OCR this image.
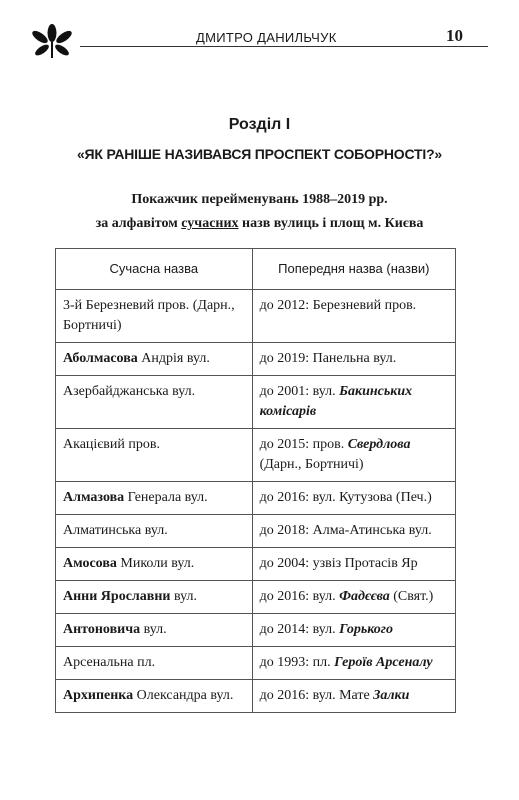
ДМИТРО ДАНИЛЬЧУК	10
Розділ І
«ЯК РАНІШЕ НАЗИВАВСЯ ПРОСПЕКТ СОБОРНОСТІ?»
Покажчик перейменувань 1988–2019 рр.
за алфавітом сучасних назв вулиць і площ м. Києва
Сучасна назва	Попередня назва (назви)
3-й Березневий пров. (Дарн., Бортничі)	до 2012: Березневий пров.
Аболмасова Андрія вул.	до 2019: Панельна вул.
Азербайджанська вул.	до 2001: вул. Бакинських комісарів
Акацієвий пров.	до 2015: пров. Свердлова (Дарн., Бортничі)
Алмазова Генерала вул.	до 2016: вул. Кутузова (Печ.)
Алматинська вул.	до 2018: Алма-Атинська вул.
Амосова Миколи вул.	до 2004: узвіз Протасів Яр
Анни Ярославни вул.	до 2016: вул. Фадєєва (Свят.)
Антоновича вул.	до 2014: вул. Горького
Арсенальна пл.	до 1993: пл. Героїв Арсеналу
Архипенка Олександра вул.	до 2016: вул. Мате Залки
